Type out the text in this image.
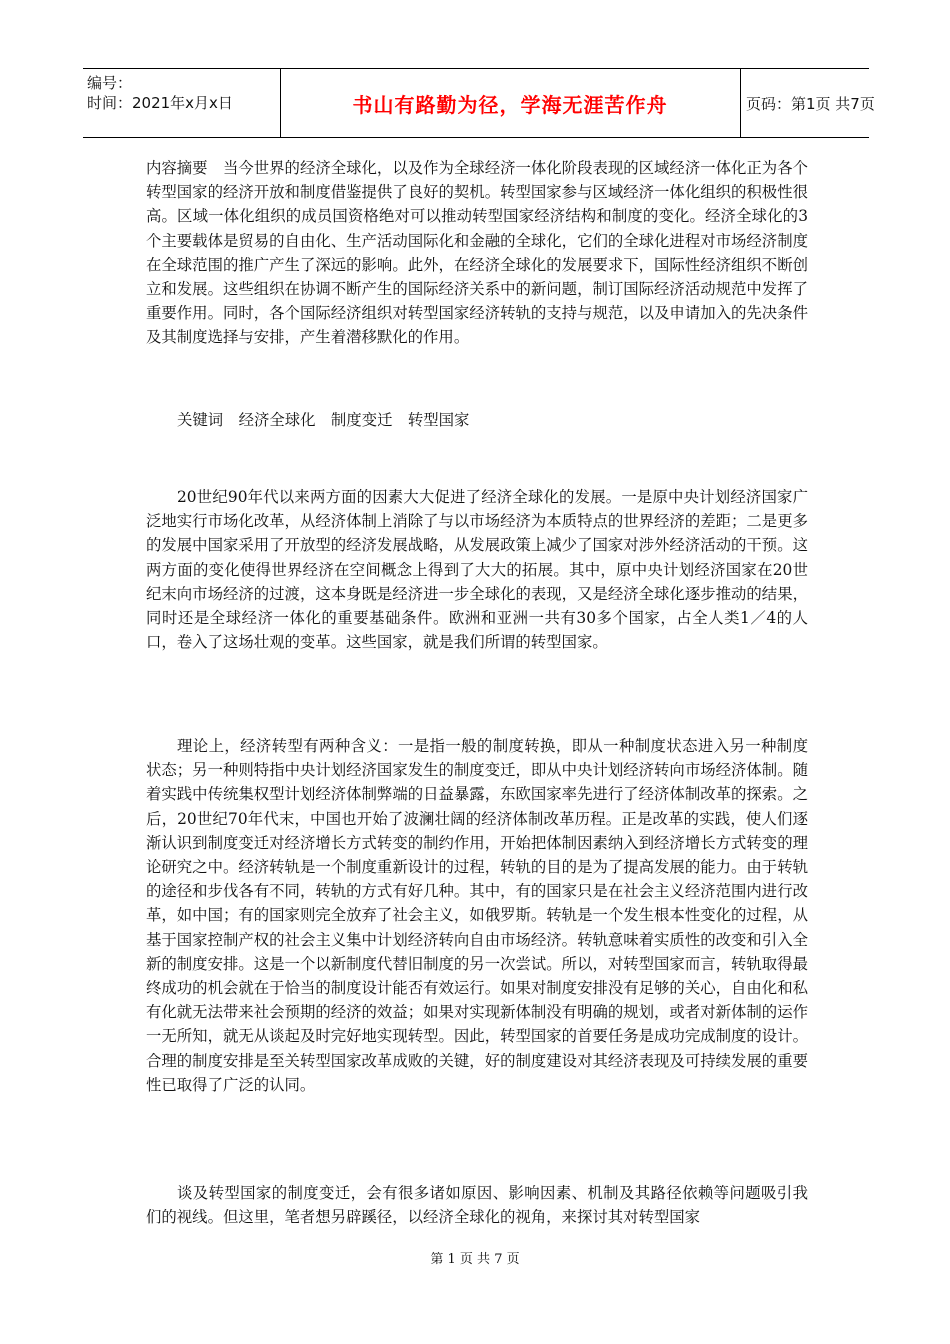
编号：
时间：2021年x月x日	书山有路勤为径，学海无涯苦作舟	页码：第1页 共7页

内容摘要　当今世界的经济全球化，以及作为全球经济一体化阶段表现的区域经济一体化正为各个转型国家的经济开放和制度借鉴提供了良好的契机。转型国家参与区域经济一体化组织的积极性很高。区域一体化组织的成员国资格绝对可以推动转型国家经济结构和制度的变化。经济全球化的3个主要载体是贸易的自由化、生产活动国际化和金融的全球化，它们的全球化进程对市场经济制度在全球范围的推广产生了深远的影响。此外，在经济全球化的发展要求下，国际性经济组织不断创立和发展。这些组织在协调不断产生的国际经济关系中的新问题，制订国际经济活动规范中发挥了重要作用。同时，各个国际经济组织对转型国家经济转轨的支持与规范，以及申请加入的先决条件及其制度选择与安排，产生着潜移默化的作用。

关键词　经济全球化　制度变迁　转型国家

20世纪90年代以来两方面的因素大大促进了经济全球化的发展。一是原中央计划经济国家广泛地实行市场化改革，从经济体制上消除了与以市场经济为本质特点的世界经济的差距；二是更多的发展中国家采用了开放型的经济发展战略，从发展政策上减少了国家对涉外经济活动的干预。这两方面的变化使得世界经济在空间概念上得到了大大的拓展。其中，原中央计划经济国家在20世纪末向市场经济的过渡，这本身既是经济进一步全球化的表现，又是经济全球化逐步推动的结果，同时还是全球经济一体化的重要基础条件。欧洲和亚洲一共有30多个国家，占全人类1／4的人口，卷入了这场壮观的变革。这些国家，就是我们所谓的转型国家。

理论上，经济转型有两种含义：一是指一般的制度转换，即从一种制度状态进入另一种制度状态；另一种则特指中央计划经济国家发生的制度变迁，即从中央计划经济转向市场经济体制。随着实践中传统集权型计划经济体制弊端的日益暴露，东欧国家率先进行了经济体制改革的探索。之后，20世纪70年代末，中国也开始了波澜壮阔的经济体制改革历程。正是改革的实践，使人们逐渐认识到制度变迁对经济增长方式转变的制约作用，开始把体制因素纳入到经济增长方式转变的理论研究之中。经济转轨是一个制度重新设计的过程，转轨的目的是为了提高发展的能力。由于转轨的途径和步伐各有不同，转轨的方式有好几种。其中，有的国家只是在社会主义经济范围内进行改革，如中国；有的国家则完全放弃了社会主义，如俄罗斯。转轨是一个发生根本性变化的过程，从基于国家控制产权的社会主义集中计划经济转向自由市场经济。转轨意味着实质性的改变和引入全新的制度安排。这是一个以新制度代替旧制度的另一次尝试。所以，对转型国家而言，转轨取得最终成功的机会就在于恰当的制度设计能否有效运行。如果对制度安排没有足够的关心，自由化和私有化就无法带来社会预期的经济的效益；如果对实现新体制没有明确的规划，或者对新体制的运作一无所知，就无从谈起及时完好地实现转型。因此，转型国家的首要任务是成功完成制度的设计。合理的制度安排是至关转型国家改革成败的关键，好的制度建设对其经济表现及可持续发展的重要性已取得了广泛的认同。

谈及转型国家的制度变迁，会有很多诸如原因、影响因素、机制及其路径依赖等问题吸引我们的视线。但这里，笔者想另辟蹊径，以经济全球化的视角，来探讨其对转型国家

第 1 页 共 7 页
